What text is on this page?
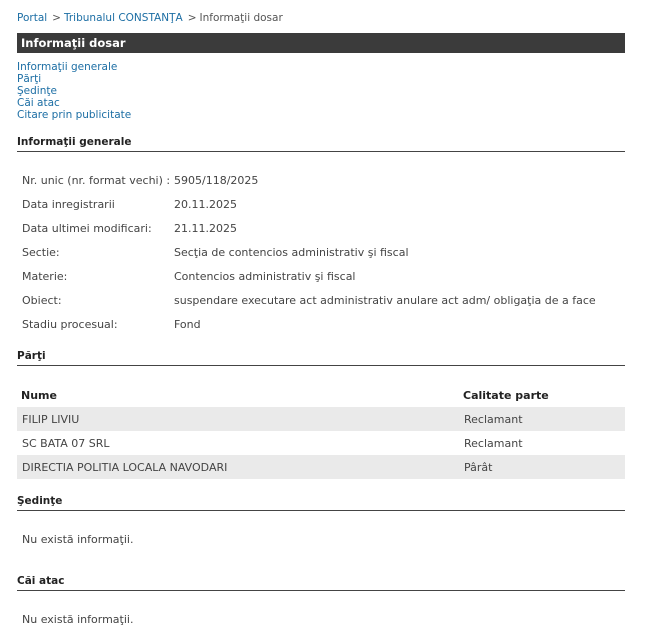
Portal > Tribunalul CONSTANŢA > Informaţii dosar
Informaţii dosar
Informaţii generale
Părţi
Şedinţe
Căi atac
Citare prin publicitate
Informaţii generale
Nr. unic (nr. format vechi) :	5905/118/2025
Data inregistrarii	20.11.2025
Data ultimei modificari:	21.11.2025
Sectie:	Secţia de contencios administrativ şi fiscal
Materie:	Contencios administrativ şi fiscal
Obiect:	suspendare executare act administrativ anulare act adm/ obligaţia de a face
Stadiu procesual:	Fond
Părţi
Nume	Calitate parte
FILIP LIVIU	Reclamant
SC BATA 07 SRL	Reclamant
DIRECTIA POLITIA LOCALA NAVODARI	Pârât
Şedinţe
Nu există informaţii.
Căi atac
Nu există informaţii.
